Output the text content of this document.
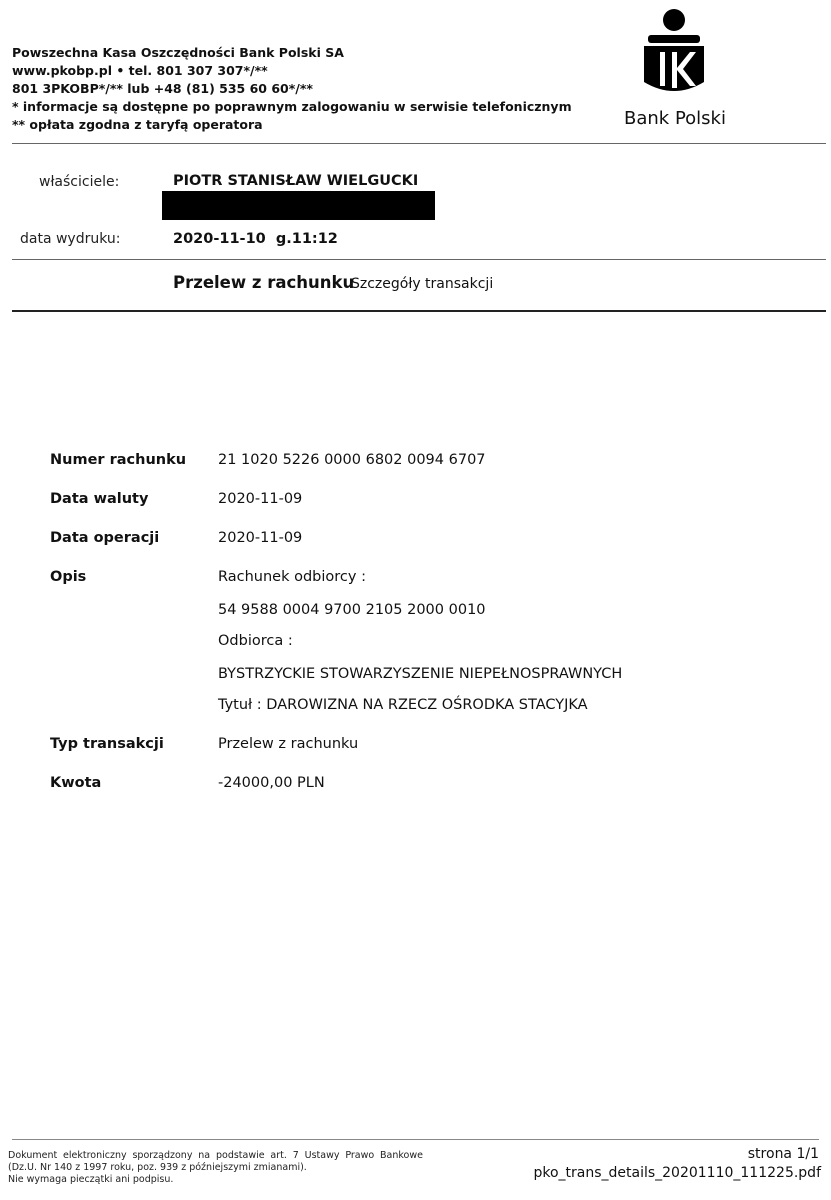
Powszechna Kasa Oszczędności Bank Polski SA
www.pkobp.pl • tel. 801 307 307*/**
801 3PKOBP*/** lub +48 (81) 535 60 60*/**
* informacje są dostępne po poprawnym zalogowaniu w serwisie telefonicznym
** opłata zgodna z taryfą operatora	Bank Polski
właściciele:	PIOTR STANISŁAW WIELGUCKI
data wydruku:	2020-11-10  g.11:12
Przelew z rachunku
Szczegóły transakcji
Numer rachunku 21 1020 5226 0000 6802 0094 6707
Data waluty	2020-11-09
Data operacji	2020-11-09
Opis	Rachunek odbiorcy :
54 9588 0004 9700 2105 2000 0010
Odbiorca :
BYSTRZYCKIE STOWARZYSZENIE NIEPEŁNOSPRAWNYCH
Tytuł : DAROWIZNA NA RZECZ OŚRODKA STACYJKA
Typ transakcji	Przelew z rachunku
Kwota	-24000,00 PLN
Dokument elektroniczny sporządzony na podstawie art. 7 Ustawy Prawo Bankowe
(Dz.U. Nr 140 z 1997 roku, poz. 939 z późniejszymi zmianami).
Nie wymaga pieczątki ani podpisu.
strona 1/1
pko_trans_details_20201110_111225.pdf
